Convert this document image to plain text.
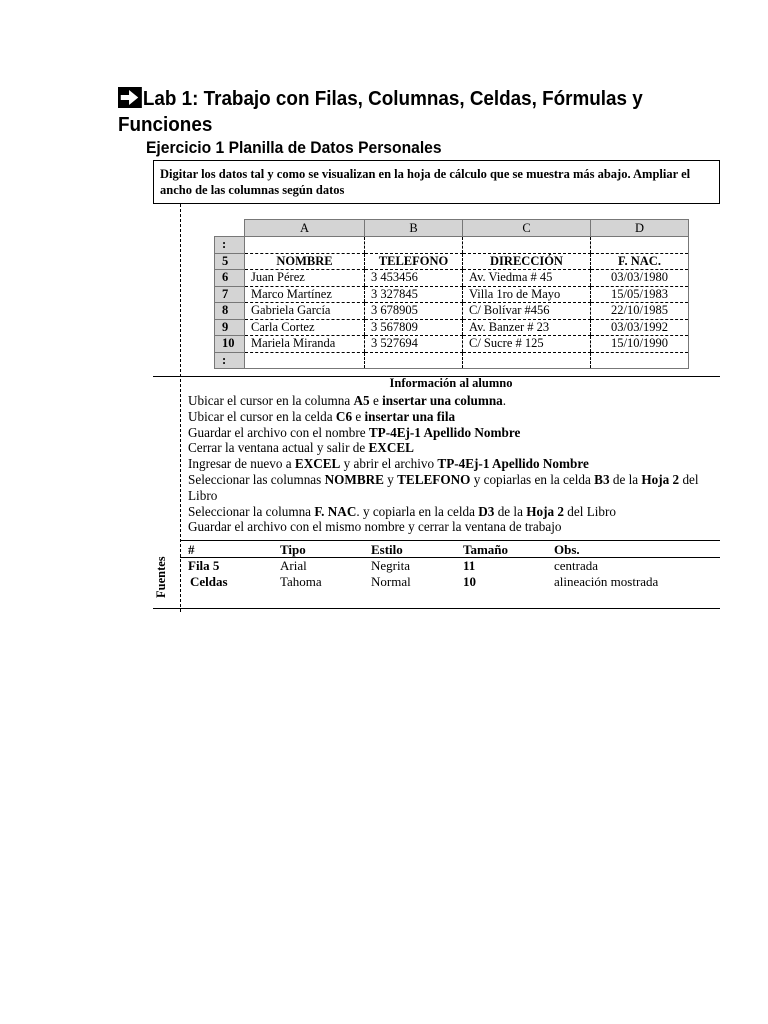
Lab 1: Trabajo con Filas, Columnas, Celdas, Fórmulas y
Funciones
Ejercicio 1 Planilla de Datos Personales
Digitar los datos tal y como se visualizan en la hoja de cálculo que se muestra más abajo. Ampliar el ancho de las columnas según datos
	A	B	C	D
:				
5	NOMBRE	TELEFONO	DIRECCIÓN	F. NAC.
6	Juan Pérez	3 453456	Av. Viedma # 45	03/03/1980
7	Marco Martínez	3 327845	Villa 1ro de Mayo	15/05/1983
8	Gabriela García	3 678905	C/ Bolívar #456	22/10/1985
9	Carla Cortez	3 567809	Av. Banzer # 23	03/03/1992
10	Mariela Miranda	3 527694	C/ Sucre # 125	15/10/1990
:				
Información al alumno
Ubicar el cursor en la columna A5 e insertar una columna.
Ubicar el cursor en la celda C6 e insertar una fila
Guardar el archivo con el nombre TP-4Ej-1 Apellido Nombre
Cerrar la ventana actual y salir de EXCEL
Ingresar de nuevo a EXCEL y abrir el archivo TP-4Ej-1 Apellido Nombre
Seleccionar las columnas NOMBRE y TELEFONO y copiarlas en la celda B3 de la Hoja 2 del Libro
Seleccionar la columna F. NAC. y copiarla en la celda D3 de la Hoja 2 del Libro
Guardar el archivo con el mismo nombre y cerrar la ventana de trabajo
Fuentes
#	Tipo	Estilo	Tamaño	Obs.
Fila 5	Arial	Negrita	11	centrada
Celdas	Tahoma	Normal	10	alineación mostrada
